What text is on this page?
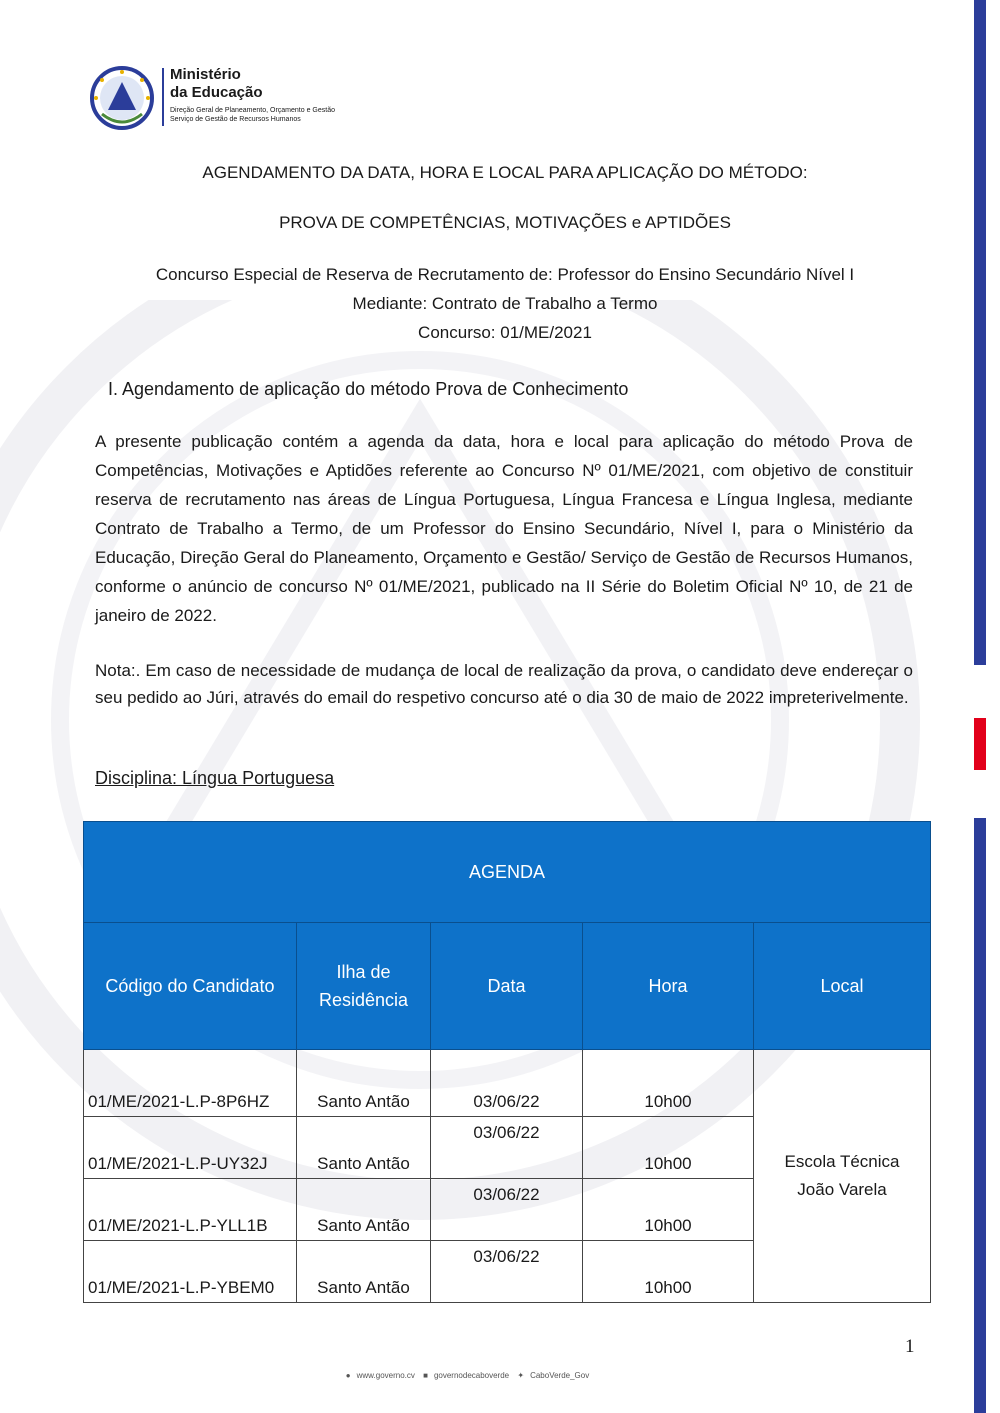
Ministério
da Educação
Direção Geral de Planeamento, Orçamento e Gestão
Serviço de Gestão de Recursos Humanos
AGENDAMENTO DA DATA, HORA E LOCAL PARA APLICAÇÃO DO MÉTODO:
PROVA DE COMPETÊNCIAS, MOTIVAÇÕES e APTIDÕES
Concurso Especial de Reserva de Recrutamento de: Professor do Ensino Secundário Nível I
Mediante: Contrato de Trabalho a Termo
Concurso: 01/ME/2021
I. Agendamento de aplicação do método Prova de Conhecimento
A presente publicação contém a agenda da data, hora e local para aplicação do método Prova de Competências, Motivações e Aptidões referente ao Concurso Nº 01/ME/2021, com objetivo de constituir reserva de recrutamento nas áreas de Língua Portuguesa, Língua Francesa e Língua Inglesa, mediante Contrato de Trabalho a Termo, de um Professor do Ensino Secundário, Nível I, para o Ministério da Educação, Direção Geral do Planeamento, Orçamento e Gestão/ Serviço de Gestão de Recursos Humanos, conforme o anúncio de concurso Nº 01/ME/2021, publicado na II Série do Boletim Oficial Nº 10, de 21 de janeiro de 2022.
Nota:. Em caso de necessidade de mudança de local de realização da prova, o candidato deve endereçar o seu pedido ao Júri, através do email do respetivo concurso até o dia 30 de maio de 2022 impreterivelmente.
Disciplina: Língua Portuguesa
AGENDA				
Código do Candidato	Ilha de
Residência	Data	Hora	Local
01/ME/2021-L.P-8P6HZ	Santo Antão	03/06/22	10h00	Escola Técnica
João Varela

01/ME/2021-L.P-UY32J	Santo Antão	03/06/22	10h00	
01/ME/2021-L.P-YLL1B	Santo Antão	03/06/22	10h00	
01/ME/2021-L.P-YBEM0	Santo Antão	03/06/22	10h00	
1
● www.governo.cv ■ governodecaboverde ✦ CaboVerde_Gov
